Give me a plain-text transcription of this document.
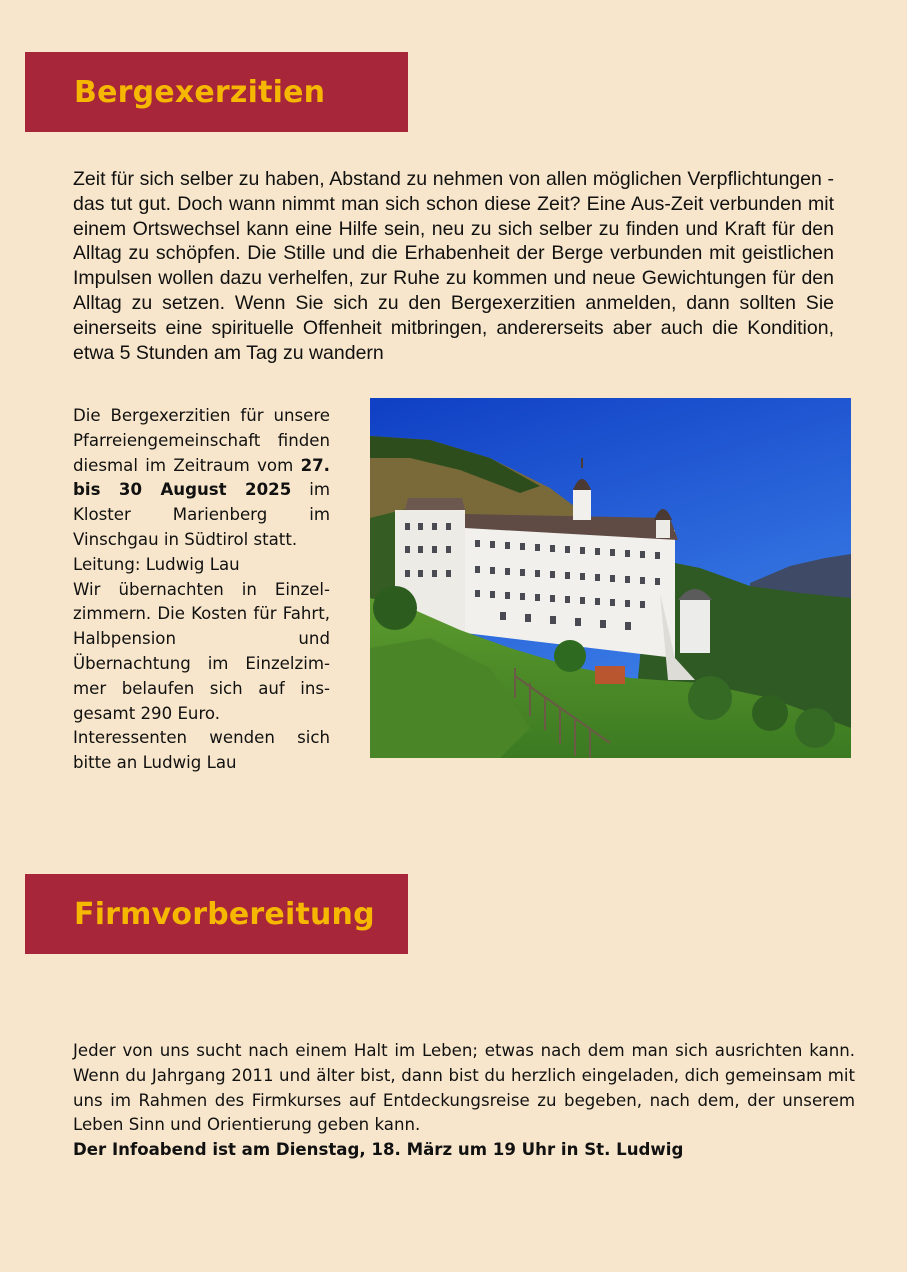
Bergexerzitien

Zeit für sich selber zu haben, Abstand zu nehmen von allen möglichen Verpflichtungen - das tut gut. Doch wann nimmt man sich schon diese Zeit? Eine Aus-Zeit verbunden mit einem Ortswechsel kann eine Hilfe sein, neu zu sich selber zu finden und Kraft für den Alltag zu schöpfen. Die Stille und die Erhabenheit der Berge verbunden mit geistlichen Impulsen wollen dazu verhelfen, zur Ruhe zu kommen und neue Gewichtungen für den Alltag zu setzen. Wenn Sie sich zu den Bergexerzitien anmelden, dann sollten Sie einerseits eine spirituelle Offenheit mitbringen, andererseits aber auch die Kondition, etwa 5 Stunden am Tag zu wandern

Die Bergexerzitien für unsere Pfarreiengemeinschaft finden diesmal im Zeitraum vom 27. bis 30 August 2025 im Kloster Marienberg im Vinschgau in Südtirol statt.

Leitung: Ludwig Lau

Wir übernachten in Einzelzimmern. Die Kosten für Fahrt, Halbpension und Übernachtung im Einzelzimmer belaufen sich auf insgesamt 290 Euro.

Interessenten wenden sich bitte an Ludwig Lau

Firmvorbereitung

Jeder von uns sucht nach einem Halt im Leben; etwas nach dem man sich ausrichten kann. Wenn du Jahrgang 2011 und älter bist, dann bist du herzlich eingeladen, dich gemeinsam mit uns im Rahmen des Firmkurses auf Entdeckungsreise zu begeben, nach dem, der unserem Leben Sinn und Orientierung geben kann.

Der Infoabend ist am Dienstag, 18. März um 19 Uhr in St. Ludwig
